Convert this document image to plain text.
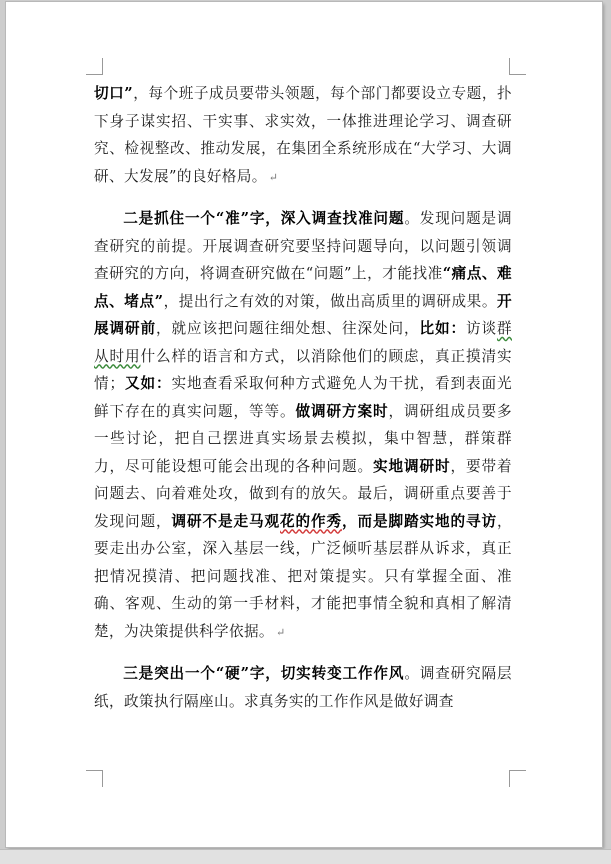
切口”，每个班子成员要带头领题，每个部门都要设立专题，扑下身子谋实招、干实事、求实效，一体推进理论学习、调查研究、检视整改、推动发展，在集团全系统形成在“大学习、大调研、大发展”的良好格局。 ↵

二是抓住一个“准”字，深入调查找准问题。发现问题是调查研究的前提。开展调查研究要坚持问题导向，以问题引领调查研究的方向，将调查研究做在“问题”上，才能找准“痛点、难点、堵点”，提出行之有效的对策，做出高质里的调研成果。开展调研前，就应该把问题往细处想、往深处问，比如：访谈群从时用什么样的语言和方式，以消除他们的顾虑，真正摸清实情；又如：实地查看采取何种方式避免人为干扰，看到表面光鲜下存在的真实问题，等等。做调研方案时，调研组成员要多一些讨论，把自己摆进真实场景去模拟，集中智慧，群策群力，尽可能设想可能会出现的各种问题。实地调研时，要带着问题去、向着难处攻，做到有的放矢。最后，调研重点要善于发现问题，调研不是走马观花的作秀，而是脚踏实地的寻访，要走出办公室，深入基层一线，广泛倾听基层群从诉求，真正把情况摸清、把问题找准、把对策提实。只有掌握全面、准确、客观、生动的第一手材料，才能把事情全貌和真相了解清楚，为决策提供科学依据。 ↵

三是突出一个“硬”字，切实转变工作作风。调查研究隔层纸，政策执行隔座山。求真务实的工作作风是做好调查
